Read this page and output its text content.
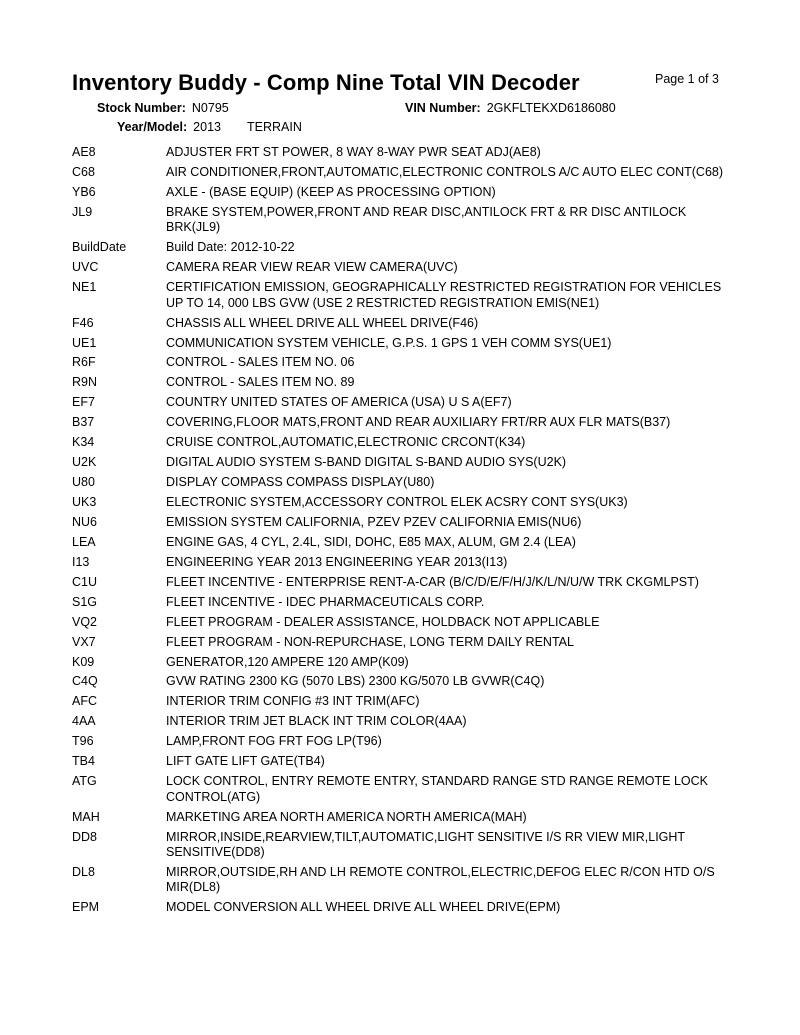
Inventory Buddy - Comp Nine Total VIN Decoder	Page 1 of 3
Stock Number: N0795	VIN Number: 2GKFLTEKXD6186080
Year/Model: 2013 TERRAIN
AE8	ADJUSTER FRT ST POWER, 8 WAY 8-WAY PWR SEAT ADJ(AE8)
C68	AIR CONDITIONER,FRONT,AUTOMATIC,ELECTRONIC CONTROLS A/C AUTO ELEC CONT(C68)
YB6	AXLE - (BASE EQUIP) (KEEP AS PROCESSING OPTION)
JL9	BRAKE SYSTEM,POWER,FRONT AND REAR DISC,ANTILOCK FRT & RR DISC ANTILOCK BRK(JL9)
BuildDate	Build Date: 2012-10-22
UVC	CAMERA REAR VIEW REAR VIEW CAMERA(UVC)
NE1	CERTIFICATION EMISSION, GEOGRAPHICALLY RESTRICTED REGISTRATION FOR VEHICLES UP TO 14, 000 LBS GVW (USE 2 RESTRICTED REGISTRATION EMIS(NE1)
F46	CHASSIS ALL WHEEL DRIVE ALL WHEEL DRIVE(F46)
UE1	COMMUNICATION SYSTEM VEHICLE, G.P.S. 1 GPS 1 VEH COMM SYS(UE1)
R6F	CONTROL - SALES ITEM NO. 06
R9N	CONTROL - SALES ITEM NO. 89
EF7	COUNTRY UNITED STATES OF AMERICA (USA) U S A(EF7)
B37	COVERING,FLOOR MATS,FRONT AND REAR AUXILIARY FRT/RR AUX FLR MATS(B37)
K34	CRUISE CONTROL,AUTOMATIC,ELECTRONIC CRCONT(K34)
U2K	DIGITAL AUDIO SYSTEM S-BAND DIGITAL S-BAND AUDIO SYS(U2K)
U80	DISPLAY COMPASS COMPASS DISPLAY(U80)
UK3	ELECTRONIC SYSTEM,ACCESSORY CONTROL ELEK ACSRY CONT SYS(UK3)
NU6	EMISSION SYSTEM CALIFORNIA, PZEV PZEV CALIFORNIA EMIS(NU6)
LEA	ENGINE GAS, 4 CYL, 2.4L, SIDI, DOHC, E85 MAX, ALUM, GM 2.4 (LEA)
I13	ENGINEERING YEAR 2013 ENGINEERING YEAR 2013(I13)
C1U	FLEET INCENTIVE - ENTERPRISE RENT-A-CAR (B/C/D/E/F/H/J/K/L/N/U/W TRK CKGMLPST)
S1G	FLEET INCENTIVE - IDEC PHARMACEUTICALS CORP.
VQ2	FLEET PROGRAM - DEALER ASSISTANCE, HOLDBACK NOT APPLICABLE
VX7	FLEET PROGRAM - NON-REPURCHASE, LONG TERM DAILY RENTAL
K09	GENERATOR,120 AMPERE 120 AMP(K09)
C4Q	GVW RATING 2300 KG (5070 LBS) 2300 KG/5070 LB GVWR(C4Q)
AFC	INTERIOR TRIM CONFIG #3 INT TRIM(AFC)
4AA	INTERIOR TRIM JET BLACK INT TRIM COLOR(4AA)
T96	LAMP,FRONT FOG FRT FOG LP(T96)
TB4	LIFT GATE LIFT GATE(TB4)
ATG	LOCK CONTROL, ENTRY REMOTE ENTRY, STANDARD RANGE STD RANGE REMOTE LOCK CONTROL(ATG)
MAH	MARKETING AREA NORTH AMERICA NORTH AMERICA(MAH)
DD8	MIRROR,INSIDE,REARVIEW,TILT,AUTOMATIC,LIGHT SENSITIVE I/S RR VIEW MIR,LIGHT SENSITIVE(DD8)
DL8	MIRROR,OUTSIDE,RH AND LH REMOTE CONTROL,ELECTRIC,DEFOG ELEC R/CON HTD O/S MIR(DL8)
EPM	MODEL CONVERSION ALL WHEEL DRIVE ALL WHEEL DRIVE(EPM)
